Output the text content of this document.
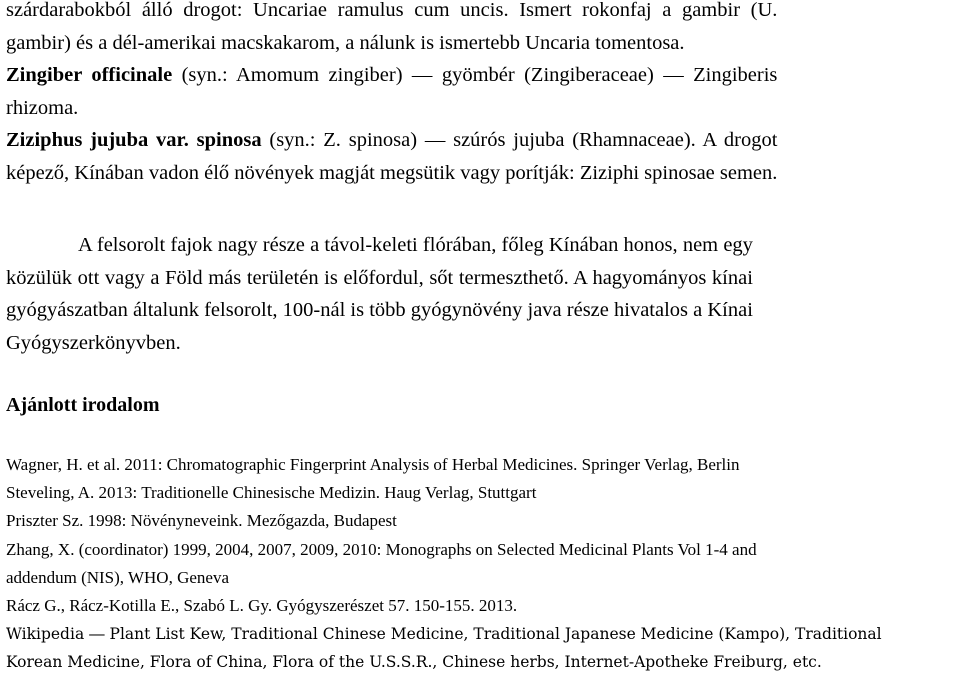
szárdarabokból álló drogot: Uncariae ramulus cum uncis. Ismert rokonfaj a gambir (U.
gambir) és a dél-amerikai macskakarom, a nálunk is ismertebb Uncaria tomentosa.
Zingiber officinale (syn.: Amomum zingiber) ― gyömbér (Zingiberaceae) ― Zingiberis
rhizoma.
Ziziphus jujuba var. spinosa (syn.: Z. spinosa) ― szúrós jujuba (Rhamnaceae). A drogot
képező, Kínában vadon élő növények magját megsütik vagy porítják: Ziziphi spinosae semen.
A felsorolt fajok nagy része a távol-keleti flórában, főleg Kínában honos, nem egy
közülük ott vagy a Föld más területén is előfordul, sőt termeszthető. A hagyományos kínai
gyógyászatban általunk felsorolt, 100-nál is több gyógynövény java része hivatalos a Kínai
Gyógyszerkönyvben.
Ajánlott irodalom
Wagner, H. et al. 2011: Chromatographic Fingerprint Analysis of Herbal Medicines. Springer Verlag, Berlin
Steveling, A. 2013: Traditionelle Chinesische Medizin. Haug Verlag, Stuttgart
Priszter Sz. 1998: Növényneveink. Mezőgazda, Budapest
Zhang, X. (coordinator) 1999, 2004, 2007, 2009, 2010: Monographs on Selected Medicinal Plants Vol 1-4 and
addendum (NIS), WHO, Geneva
Rácz G., Rácz-Kotilla E., Szabó L. Gy. Gyógyszerészet 57. 150-155. 2013.
Wikipedia ― Plant List Kew, Traditional Chinese Medicine, Traditional Japanese Medicine (Kampo), Traditional
Korean Medicine, Flora of China, Flora of the U.S.S.R., Chinese herbs, Internet-Apotheke Freiburg, etc.
